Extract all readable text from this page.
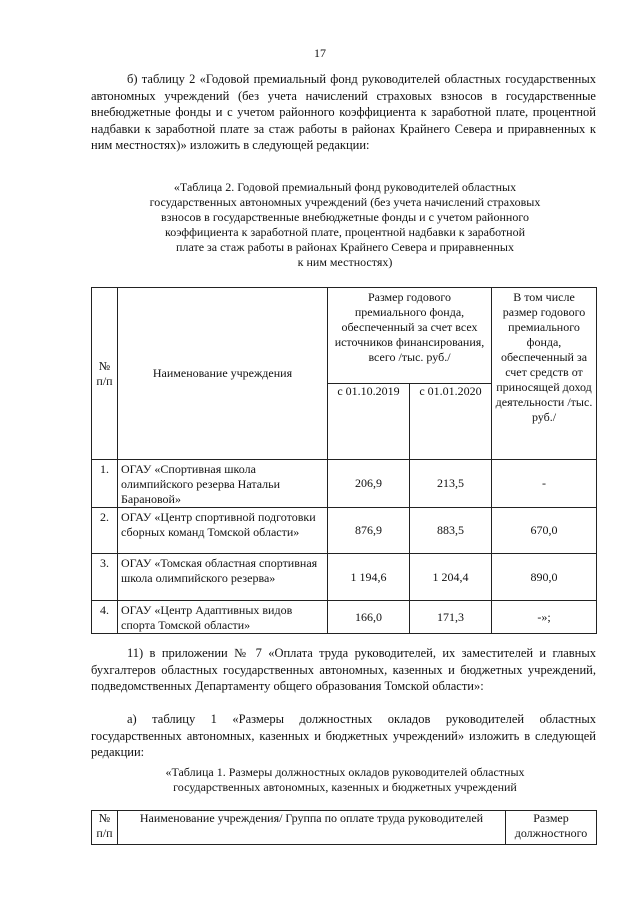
17

б) таблицу 2 «Годовой премиальный фонд руководителей областных государственных автономных учреждений (без учета начислений страховых взносов в государственные внебюджетные фонды и с учетом районного коэффициента к заработной плате, процентной надбавки к заработной плате за стаж работы в районах Крайнего Севера и приравненных к ним местностях)» изложить в следующей редакции:

«Таблица 2. Годовой премиальный фонд руководителей областных
государственных автономных учреждений (без учета начислений страховых
взносов в государственные внебюджетные фонды и с учетом районного
коэффициента к заработной плате, процентной надбавки к заработной
плате за стаж работы в районах Крайнего Севера и приравненных
к ним местностях)
№ п/п	Наименование учреждения	Размер годового премиального фонда, обеспеченный за счет всех источников финансирования, всего /тыс. руб./		В том числе размер годового премиального фонда, обеспеченный за счет средств от приносящей доход деятельности /тыс. руб./
		с 01.10.2019	с 01.01.2020	
1.	ОГАУ «Спортивная школа олимпийского резерва Натальи Барановой»	206,9	213,5	-
2.	ОГАУ «Центр спортивной подготовки сборных команд Томской области»	876,9	883,5	670,0
3.	ОГАУ «Томская областная спортивная школа олимпийского резерва»	1 194,6	1 204,4	890,0
4.	ОГАУ «Центр Адаптивных видов спорта Томской области»	166,0	171,3	-»;

11) в приложении № 7 «Оплата труда руководителей, их заместителей и главных бухгалтеров областных государственных автономных, казенных и бюджетных учреждений, подведомственных Департаменту общего образования Томской области»:

а) таблицу 1 «Размеры должностных окладов руководителей областных государственных автономных, казенных и бюджетных учреждений» изложить в следующей редакции:

«Таблица 1. Размеры должностных окладов руководителей областных
государственных автономных, казенных и бюджетных учреждений
№ п/п	Наименование учреждения/ Группа по оплате труда руководителей	Размер должностного
